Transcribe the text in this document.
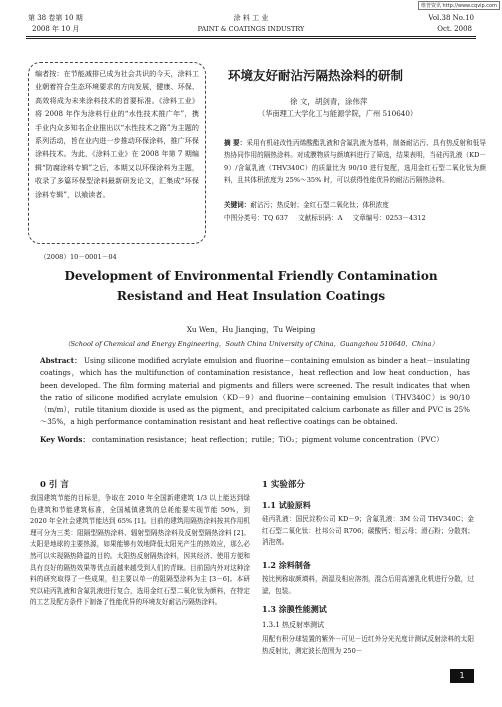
维普资讯 http://www.cqvip.com
第 38 卷第 10 期
2008 年 10 月
涂 料 工 业
PAINT & COATINGS INDUSTRY
Vol.38 No.10
Oct. 2008
编者按：在节能减排已成为社会共识的今天，涂料工业朝着符合生态环境要求的方向发展，健康、环保、高效将成为未来涂料技术的首要标准。《涂料工业》将 2008 年作为涂料行业的“水性技术推广年”，携手业内众多知名企业推出以“水性技术之路”为主题的系列活动，旨在业内进一步推动环保涂料，推广环保涂料技术。为此，《涂料工业》在 2008 年第 7 期编辑“防腐涂料专辑”之后，本期又以环保涂料为主题，收录了多篇环保型涂料最新研发论文，汇集成“环保涂料专辑”，以飨读者。
环境友好耐沾污隔热涂料的研制
徐 文，胡剑青，涂伟萍
（华南理工大学化工与能源学院，广州 510640）
摘 要：采用有机硅改性丙烯酸酯乳液和含氟乳液为基料，制备耐沾污、具有热反射和低导热协同作用的隔热涂料。对成膜物质与颜填料进行了筛选，结果表明，当硅丙乳液（KD－9）/含氟乳液（THV340C）的质量比为 90/10 进行复配，选用金红石型二氧化钛为颜料，且其体积浓度为 25%～35% 时，可以获得性能优异的耐沾污隔热涂料。
关键词：耐沾污；热反射；金红石型二氧化钛；体积浓度
中图分类号：TQ 637 文献标识码：A 文章编号：0253－4312
（2008）10－0001－04
Development of Environmental Friendly Contamination
Resistand and Heat Insulation Coatings
Xu Wen，Hu Jianqing，Tu Weiping
（School of Chemical and Energy Engineering，South China University of China，Guangzhou 510640，China）
Abstract： Using silicone modified acrylate emulsion and fluorine－containing emulsion as binder a heat－insulating coatings，which has the multifunction of contamination resistance，heat reflection and low heat conduction，has been developed. The film forming material and pigments and fillers were screened. The result indicates that when the ratio of silicone modified acrylate emulsion（KD－9）and fluorine－containing emulsion（THV340C）is 90/10（m/m），rutile titanium dioxide is used as the pigment，and precipitated calcium carbonate as filler and PVC is 25%～35%，a high performance contamination resistant and heat reflective coatings can be obtained.
Key Words： contamination resistance；heat reflection；rutile；TiO₂；pigment volume concentration（PVC）
0 引 言
我国建筑节能的目标是，争取在 2010 年全国新建建筑 1/3 以上能达到绿色建筑和节能建筑标准，全国城镇建筑的总耗能要实现节能 50%，到 2020 年全社会建筑节能达到 65% [1]。目前的建筑用隔热涂料按其作用机理可分为三类：阻隔型隔热涂料、辐射型隔热涂料及反射型隔热涂料 [2]。太阳是地球的主要热源，如果能够有效地降低太阳光产生的热效应，那么必然可以实现隔热降温的目的。太阳热反射隔热涂料，因其经济、使用方便和具有良好的隔热效果等优点而越来越受到人们的青睐。目前国内外对这种涂料的研究取得了一些成果，但主要以单一的阻隔型涂料为主 [3－6]。本研究以硅丙乳液和含氟乳液进行复合，选用金红石型二氧化钛为颜料，在特定的工艺及配方条件下制备了性能优异的环境友好耐沾污隔热涂料。
1 实验部分
1.1 试验原料
硅丙乳液：国民淀粉公司 KD－9；含氟乳液：3M 公司 THV340C；金红石型二氧化钛：杜邦公司 R706；碳酸钙；钼云母；滑石粉；分散剂；消泡剂。
1.2 涂料制备
按比例称取颜填料，润湿及相应溶剂，混合后用高速乳化机进行分散，过滤，包装。
1.3 涂膜性能测试
1.3.1 热反射率测试
用配有积分球装置的紫外－可见－近红外分光光度计测试反射涂料的太阳热反射比，测定波长范围为 250－
1
